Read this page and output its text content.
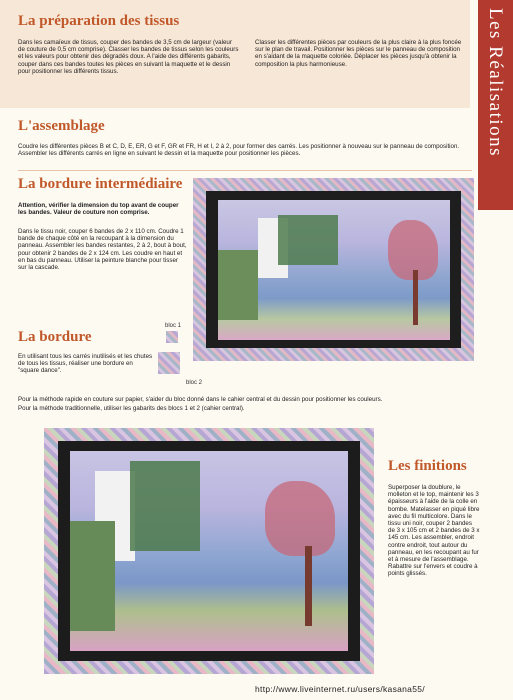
Les Réalisations
La préparation des tissus
Dans les camaïeux de tissus, couper des bandes de 3,5 cm de largeur (valeur de couture de 0,5 cm comprise). Classer les bandes de tissus selon les couleurs et les valeurs pour obtenir des dégradés doux. A l'aide des différents gabarits, couper dans ces bandes toutes les pièces en suivant la maquette et le dessin pour positionner les différents tissus.
Classer les différentes pièces par couleurs de la plus claire à la plus foncée sur le plan de travail. Positionner les pièces sur le panneau de composition en s'aidant de la maquette coloriée. Déplacer les pièces jusqu'à obtenir la composition la plus harmonieuse.
L'assemblage
Coudre les différentes pièces B et C, D, E, ER, G et F, GR et FR, H et I, 2 à 2, pour former des carrés. Les positionner à nouveau sur le panneau de composition. Assembler les différents carrés en ligne en suivant le dessin et la maquette pour positionner les pièces.
La bordure intermédiaire
Attention, vérifier la dimension du top avant de couper les bandes. Valeur de couture non comprise.
Dans le tissu noir, couper 6 bandes de 2 x 110 cm. Coudre 1 bande de chaque côté en la recoupant à la dimension du panneau. Assembler les bandes restantes, 2 à 2, bout à bout, pour obtenir 2 bandes de 2 x 124 cm. Les coudre en haut et en bas du panneau. Utiliser la peinture blanche pour tisser sur la cascade.
bloc 1
bloc 2
La bordure
En utilisant tous les carrés inutilisés et les chutes de tous les tissus, réaliser une bordure en "square dance".
Pour la méthode rapide en couture sur papier, s'aider du bloc donné dans le cahier central et du dessin pour positionner les couleurs.
Pour la méthode traditionnelle, utiliser les gabarits des blocs 1 et 2 (cahier central).
Les finitions
Superposer la doublure, le molleton et le top, maintenir les 3 épaisseurs à l'aide de la colle en bombe. Matelasser en piqué libre avec du fil multicolore. Dans le tissu uni noir, couper 2 bandes de 3 x 105 cm et 2 bandes de 3 x 145 cm. Les assembler, endroit contre endroit, tout autour du panneau, en les recoupant au fur et à mesure de l'assemblage. Rabattre sur l'envers et coudre à points glissés.
http://www.liveinternet.ru/users/kasana55/
